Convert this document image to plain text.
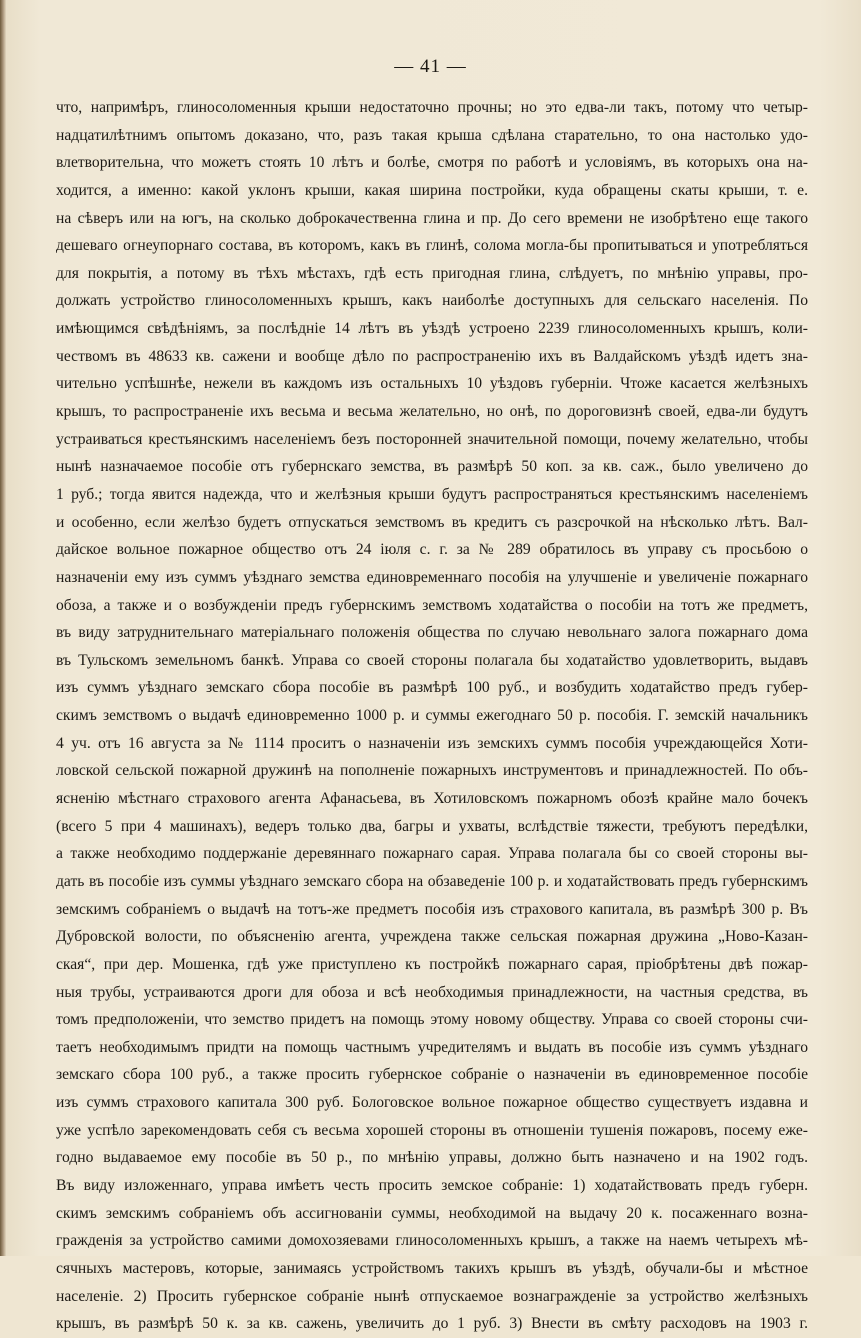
— 41 —
что, напримѣръ, глиносоломенныя крыши недостаточно прочны; но это едва-ли такъ, потому что четыр-
надцатилѣтнимъ опытомъ доказано, что, разъ такая крыша сдѣлана старательно, то она настолько удо-
влетворительна, что можетъ стоять 10 лѣтъ и болѣе, смотря по работѣ и условіямъ, въ которыхъ она на-
ходится, а именно: какой уклонъ крыши, какая ширина постройки, куда обращены скаты крыши, т. е.
на сѣверъ или на югъ, на сколько доброкачественна глина и пр. До сего времени не изобрѣтено еще такого
дешеваго огнеупорнаго состава, въ которомъ, какъ въ глинѣ, солома могла-бы пропитываться и употребляться
для покрытія, а потому въ тѣхъ мѣстахъ, гдѣ есть пригодная глина, слѣдуетъ, по мнѣнію управы, про-
должать устройство глиносоломенныхъ крышъ, какъ наиболѣе доступныхъ для сельскаго населенія. По
имѣющимся свѣдѣніямъ, за послѣдніе 14 лѣтъ въ уѣздѣ устроено 2239 глиносоломенныхъ крышъ, коли-
чествомъ въ 48633 кв. сажени и вообще дѣло по распространенію ихъ въ Валдайскомъ уѣздѣ идетъ зна-
чительно успѣшнѣе, нежели въ каждомъ изъ остальныхъ 10 уѣздовъ губерніи. Чтоже касается желѣзныхъ
крышъ, то распространеніе ихъ весьма и весьма желательно, но онѣ, по дороговизнѣ своей, едва-ли будутъ
устраиваться крестьянскимъ населеніемъ безъ посторонней значительной помощи, почему желательно, чтобы
нынѣ назначаемое пособіе отъ губернскаго земства, въ размѣрѣ 50 коп. за кв. саж., было увеличено до
1 руб.; тогда явится надежда, что и желѣзныя крыши будутъ распространяться крестьянскимъ населеніемъ
и особенно, если желѣзо будетъ отпускаться земствомъ въ кредитъ съ разсрочкой на нѣсколько лѣтъ. Вал-
дайское вольное пожарное общество отъ 24 іюля с. г. за № 289 обратилось въ управу съ просьбою о
назначеніи ему изъ суммъ уѣзднаго земства единовременнаго пособія на улучшеніе и увеличеніе пожарнаго
обоза, а также и о возбужденіи предъ губернскимъ земствомъ ходатайства о пособіи на тотъ же предметъ,
въ виду затруднительнаго матеріальнаго положенія общества по случаю невольнаго залога пожарнаго дома
въ Тульскомъ земельномъ банкѣ. Управа со своей стороны полагала бы ходатайство удовлетворить, выдавъ
изъ суммъ уѣзднаго земскаго сбора пособіе въ размѣрѣ 100 руб., и возбудить ходатайство предъ губер-
скимъ земствомъ о выдачѣ единовременно 1000 р. и суммы ежегоднаго 50 р. пособія. Г. земскій начальникъ
4 уч. отъ 16 августа за № 1114 проситъ о назначеніи изъ земскихъ суммъ пособія учреждающейся Хоти-
ловской сельской пожарной дружинѣ на пополненіе пожарныхъ инструментовъ и принадлежностей. По объ-
ясненію мѣстнаго страхового агента Афанасьева, въ Хотиловскомъ пожарномъ обозѣ крайне мало бочекъ
(всего 5 при 4 машинахъ), ведеръ только два, багры и ухваты, вслѣдствіе тяжести, требуютъ передѣлки,
а также необходимо поддержаніе деревяннаго пожарнаго сарая. Управа полагала бы со своей стороны вы-
дать въ пособіе изъ суммы уѣзднаго земскаго сбора на обзаведеніе 100 р. и ходатайствовать предъ губернскимъ
земскимъ собраніемъ о выдачѣ на тотъ-же предметъ пособія изъ страхового капитала, въ размѣрѣ 300 р. Въ
Дубровской волости, по объясненію агента, учреждена также сельская пожарная дружина „Ново-Казан-
ская“, при дер. Мошенка, гдѣ уже приступлено къ постройкѣ пожарнаго сарая, пріобрѣтены двѣ пожар-
ныя трубы, устраиваются дроги для обоза и всѣ необходимыя принадлежности, на частныя средства, въ
томъ предположеніи, что земство придетъ на помощь этому новому обществу. Управа со своей стороны счи-
таетъ необходимымъ придти на помощь частнымъ учредителямъ и выдать въ пособіе изъ суммъ уѣзднаго
земскаго сбора 100 руб., а также просить губернское собраніе о назначеніи въ единовременное пособіе
изъ суммъ страхового капитала 300 руб. Бологовское вольное пожарное общество существуетъ издавна и
уже успѣло зарекомендовать себя съ весьма хорошей стороны въ отношеніи тушенія пожаровъ, посему еже-
годно выдаваемое ему пособіе въ 50 р., по мнѣнію управы, должно быть назначено и на 1902 годъ.
Въ виду изложеннаго, управа имѣетъ честь просить земское собраніе: 1) ходатайствовать предъ губерн.
скимъ земскимъ собраніемъ объ ассигнованіи суммы, необходимой на выдачу 20 к. посаженнаго возна-
гражденія за устройство самими домохозяевами глиносоломенныхъ крышъ, а также на наемъ четырехъ мѣ-
сячныхъ мастеровъ, которые, занимаясь устройствомъ такихъ крышъ въ уѣздѣ, обучали-бы и мѣстное
населеніе. 2) Просить губернское собраніе нынѣ отпускаемое вознагражденіе за устройство желѣзныхъ
крышъ, въ размѣрѣ 50 к. за кв. сажень, увеличить до 1 руб. 3) Внести въ смѣту расходовъ на 1903 г.
